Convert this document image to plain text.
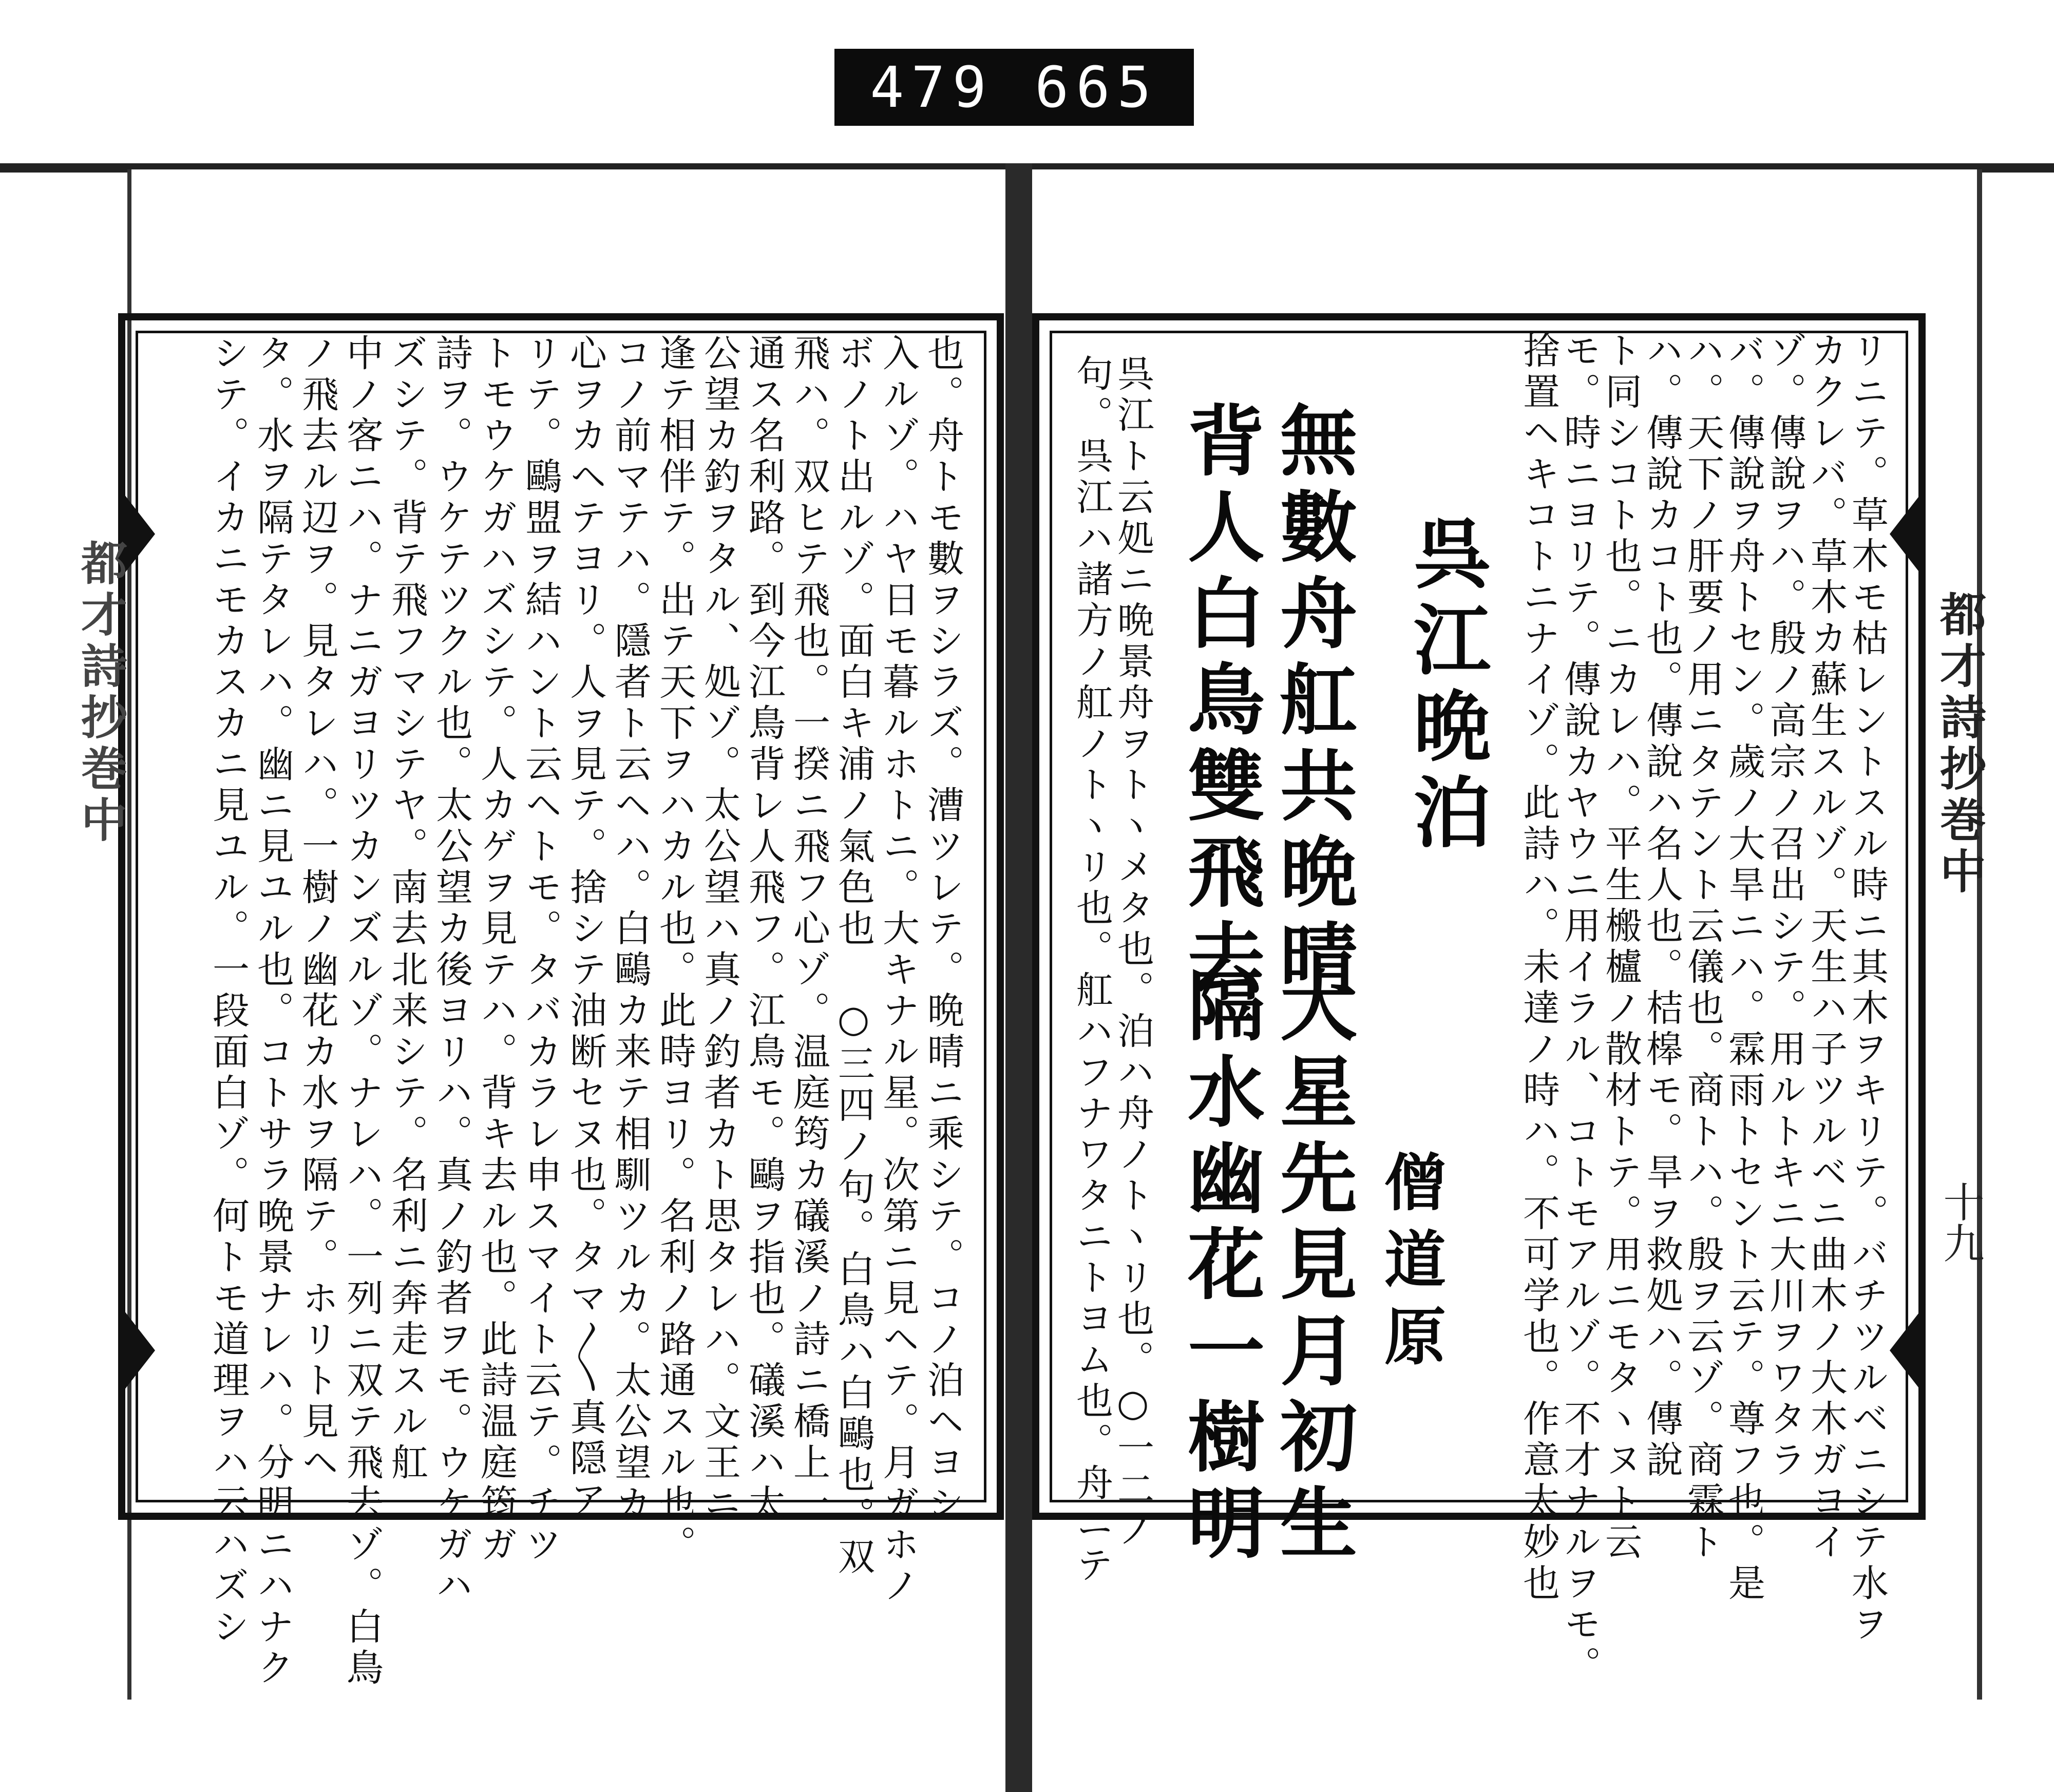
479 665
都才詩抄巻中	都才詩抄巻中
十九
リニテ。草木モ枯レントスル時ニ其木ヲキリテ。バチツルベニシテ水ヲ
カクレバ。草木カ蘇生スルゾ。天生ハ子ツルベニ曲木ノ大木ガヨイ
ゾ。傳說ヲハ。殷ノ高宗ノ召出シテ。用ルトキニ大川ヲワタラ
バ。傳說ヲ舟トセン。歲ノ大旱ニハ。霖雨トセント云テ。尊フ也。是
ハ。天下ノ肝要ノ用ニタテント云儀也。商トハ。殷ヲ云ゾ。商霖ト
ハ。傳說カコト也。傳說ハ名人也。桔槔モ。旱ヲ救処ハ。傳說
ト同シコト也。ニカレハ。平生㮽櫨ノ散材トテ。用ニモタヽヌト云
モ。時ニヨリテ。傳說カヤウニ用イラル、コトモアルゾ。不才ナルヲモ。
捨置ヘキコトニナイゾ。此詩ハ。未達ノ時ハ。不可学也。作意太妙也
呉江晩泊
僧道原
無數舟舡共晩晴
背人白鳥雙飛去
大星先見月初生
隔水幽花一樹明
呉江ト云処ニ晩景舟ヲトヽメタ也。泊ハ舟ノトヽリ也。○一二ノ
句。呉江ハ諸方ノ舡ノトヽリ也。舡ハフナワタニトヨム也。舟ニテ
也。舟トモ數ヲシラズ。漕ツレテ。晩晴ニ乘シテ。コノ泊ヘヨシ
入ルゾ。ハヤ日モ暮ルホトニ。大キナル星。次第ニ見ヘテ。月ガホノ
ボノト出ルゾ。面白キ浦ノ氣色也 ○三四ノ句。白鳥ハ白鷗也。双
飛ハ。双ヒテ飛也。一揆ニ飛フ心ゾ。温庭筠カ礒溪ノ詩ニ橋上一
通ス名利路。到今江鳥背レ人飛フ。江鳥モ。鷗ヲ指也。礒溪ハ太
公望カ釣ヲタル、処ゾ。太公望ハ真ノ釣者カト思タレハ。文王ニ
逢テ相伴テ。出テ天下ヲハカル也。此時ヨリ。名利ノ路通スル也。
コノ前マテハ。隱者ト云ヘハ。白鷗カ来テ相馴ツルカ。太公望カ
心ヲカヘテヨリ。人ヲ見テ。捨シテ油断セヌ也。タマ〱真隠ア
リテ。鷗盟ヲ結ハント云ヘトモ。タバカラレ申スマイト云テ。チツ
トモウケガハズシテ。人カゲヲ見テハ。背キ去ル也。此詩温庭筠ガ
詩ヲ。ウケテツクル也。太公望カ後ヨリハ。真ノ釣者ヲモ。ウケガハ
ズシテ。背テ飛フマシテヤ。南去北来シテ。名利ニ奔走スル舡
中ノ客ニハ。ナニガヨリツカンズルゾ。ナレハ。一列ニ双テ飛去ゾ。白鳥
ノ飛去ル辺ヲ。見タレハ。一樹ノ幽花カ水ヲ隔テ。ホリト見ヘ
タ。水ヲ隔テタレハ。幽ニ見ユル也。コトサラ晩景ナレハ。分明ニハナク
シテ。イカニモカスカニ見ユル。一段面白ゾ。何トモ道理ヲハ云ハズシ
